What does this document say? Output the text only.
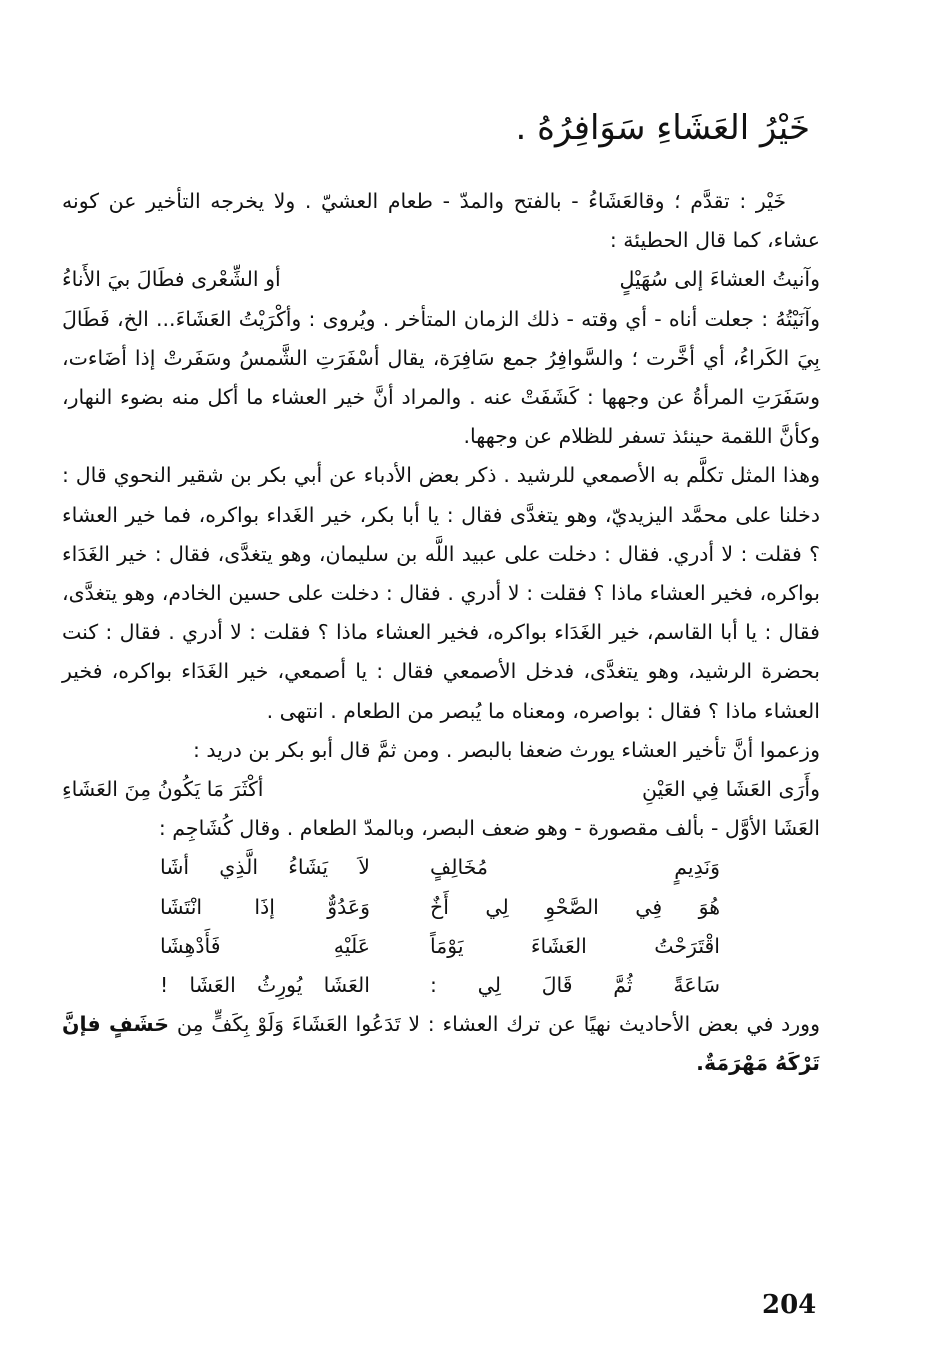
خَيْرُ العَشَاءِ سَوَافِرُهُ .

خَيْر : تقدَّم ؛ وقالعَشَاءُ - بالفتح والمدّ - طعام العشيّ . ولا يخرجه التأخير عن كونه عشاء، كما قال الحطيئة :

وآنيتُ العشاءَ إلى سُهَيْلٍ
أو الشِّعْرى فطَالَ بيَ الأَناءُ

وآنَيْتُهُ : جعلت أناه - أي وقته - ذلك الزمان المتأخر . ويُروى : وأكْرَيْتُ العَشَاءَ... الخ، فَطَالَ بِيَ الكَراءُ، أي أخَّرت ؛ والسَّوافِرُ جمع سَافِرَة، يقال أسْفَرَتِ الشَّمسُ وسَفَرتْ إذا أضَاءت، وسَفَرَتِ المرأةُ عن وجهها : كَشَفَتْ عنه . والمراد أنَّ خير العشاء ما أكل منه بضوء النهار، وكأنَّ اللقمة حينئذ تسفر للظلام عن وجهها.

وهذا المثل تكلَّم به الأصمعي للرشيد . ذكر بعض الأدباء عن أبي بكر بن شقير النحوي قال : دخلنا على محمَّد اليزيديّ، وهو يتغدَّى فقال : يا أبا بكر، خير الغَداء بواكره، فما خير العشاء ؟ فقلت : لا أدري. فقال : دخلت على عبيد اللَّه بن سليمان، وهو يتغدَّى، فقال : خير الغَدَاء بواكره، فخير العشاء ماذا ؟ فقلت : لا أدري . فقال : دخلت على حسين الخادم، وهو يتغدَّى، فقال : يا أبا القاسم، خير الغَدَاء بواكره، فخير العشاء ماذا ؟ فقلت : لا أدري . فقال : كنت بحضرة الرشيد، وهو يتغدَّى، فدخل الأصمعي فقال : يا أصمعي، خير الغَدَاء بواكره، فخير العشاء ماذا ؟ فقال : بواصره، ومعناه ما يُبصر من الطعام . انتهى .

وزعموا أنَّ تأخير العشاء يورث ضعفا بالبصر . ومن ثمَّ قال أبو بكر بن دريد :

وأَرَى العَشَا فِي العَيْنِ
أكْثَرَ مَا يَكُونُ مِنَ العَشَاءِ

العَشَا الأوَّل - بألف مقصورة - وهو ضعف البصر، وبالمدّ الطعام . وقال كُشَاجِم :

وَنَدِيمٍ مُخَالِفٍ
لاَ يَشَاءُ الَّذِي أشَا
هُوَ فِي الصَّحْوِ لِي أَخٌ
وَعَدُوٌّ إذَا انْتَشَا
اقْتَرَحْتُ العَشَاءَ يَوْمَاً
عَلَيْهِ فَأَدْهِشَا
سَاعَةً ثُمَّ قَالَ لِي :
العَشَا يُورِثُ العَشَا !

وورد في بعض الأحاديث نهيًا عن ترك العشاء : لا تَدَعُوا العَشَاءَ وَلَوْ بِكَفٍّ مِن حَشَفٍ فإنَّ تَرْكَهُ مَهْرَمَةٌ.

204
